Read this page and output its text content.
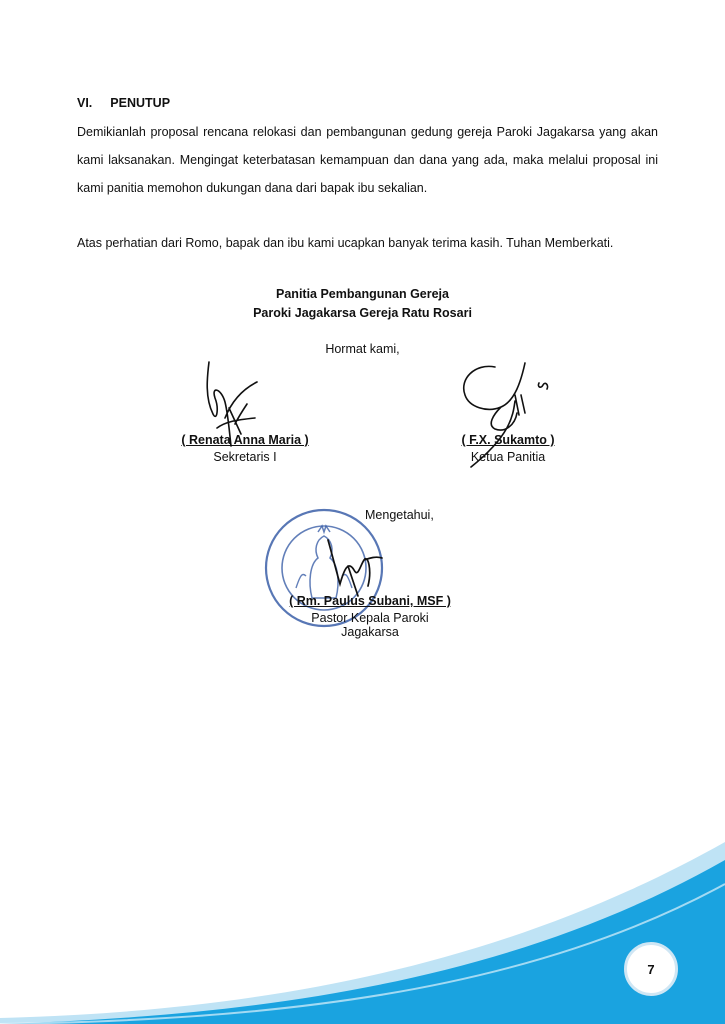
VI. PENUTUP
Demikianlah proposal rencana relokasi dan pembangunan gedung gereja Paroki Jagakarsa yang akan kami laksanakan. Mengingat keterbatasan kemampuan dan dana yang ada, maka melalui proposal ini kami panitia memohon dukungan dana dari bapak ibu sekalian.
Atas perhatian dari Romo, bapak dan ibu kami ucapkan banyak terima kasih. Tuhan Memberkati.
Panitia Pembangunan Gereja
Paroki Jagakarsa Gereja Ratu Rosari
Hormat kami,
( Renata Anna Maria )
Sekretaris I
( F.X. Sukamto )
Ketua Panitia
Mengetahui,
( Rm. Paulus Subani, MSF )
Pastor Kepala Paroki Jagakarsa
7
